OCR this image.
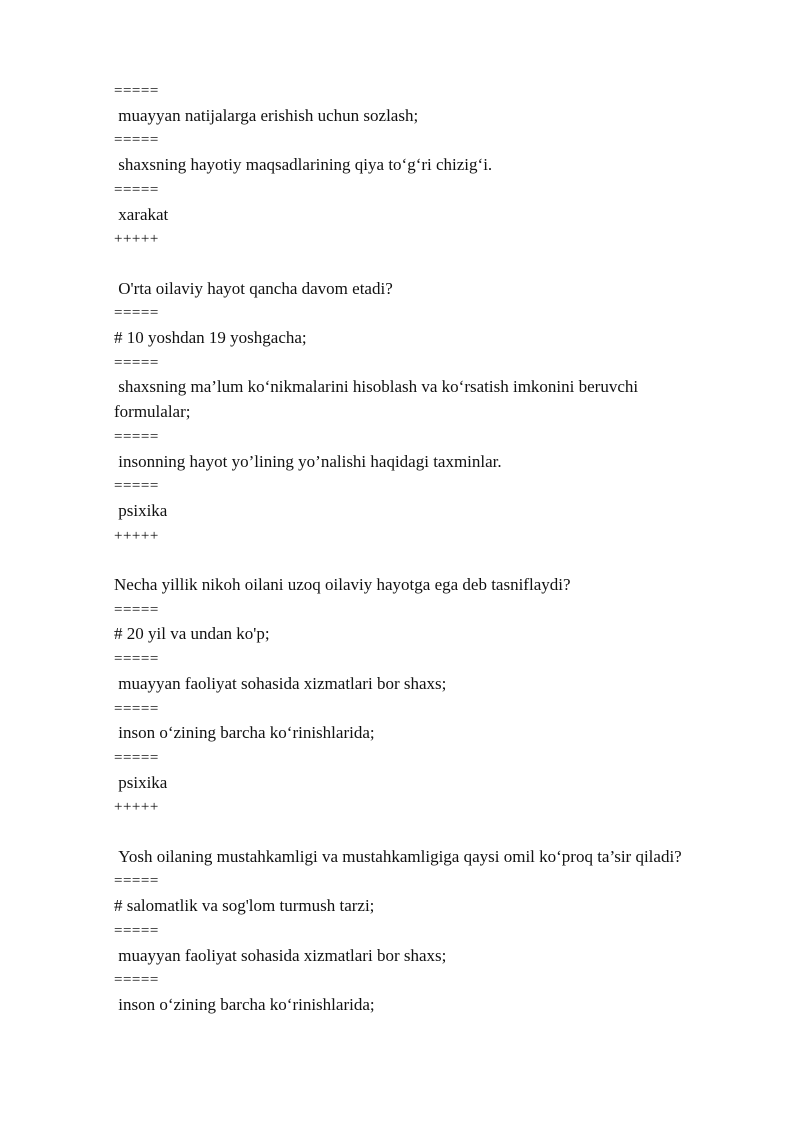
=====
muayyan natijalarga erishish uchun sozlash;
=====
shaxsning hayotiy maqsadlarining qiya to‘g‘ri chizig‘i.
=====
xarakat
+++++
O'rta oilaviy hayot qancha davom etadi?
=====
# 10 yoshdan 19 yoshgacha;
=====
shaxsning ma’lum ko‘nikmalarini hisoblash va ko‘rsatish imkonini beruvchi formulalar;
=====
insonning hayot yo’lining yo’nalishi haqidagi taxminlar.
=====
psixika
+++++
Necha yillik nikoh oilani uzoq oilaviy hayotga ega deb tasniflaydi?
=====
# 20 yil va undan ko'p;
=====
muayyan faoliyat sohasida xizmatlari bor shaxs;
=====
inson o‘zining barcha ko‘rinishlarida;
=====
psixika
+++++
Yosh oilaning mustahkamligi va mustahkamligiga qaysi omil ko‘proq ta’sir qiladi?
=====
# salomatlik va sog'lom turmush tarzi;
=====
muayyan faoliyat sohasida xizmatlari bor shaxs;
=====
inson o‘zining barcha ko‘rinishlarida;
